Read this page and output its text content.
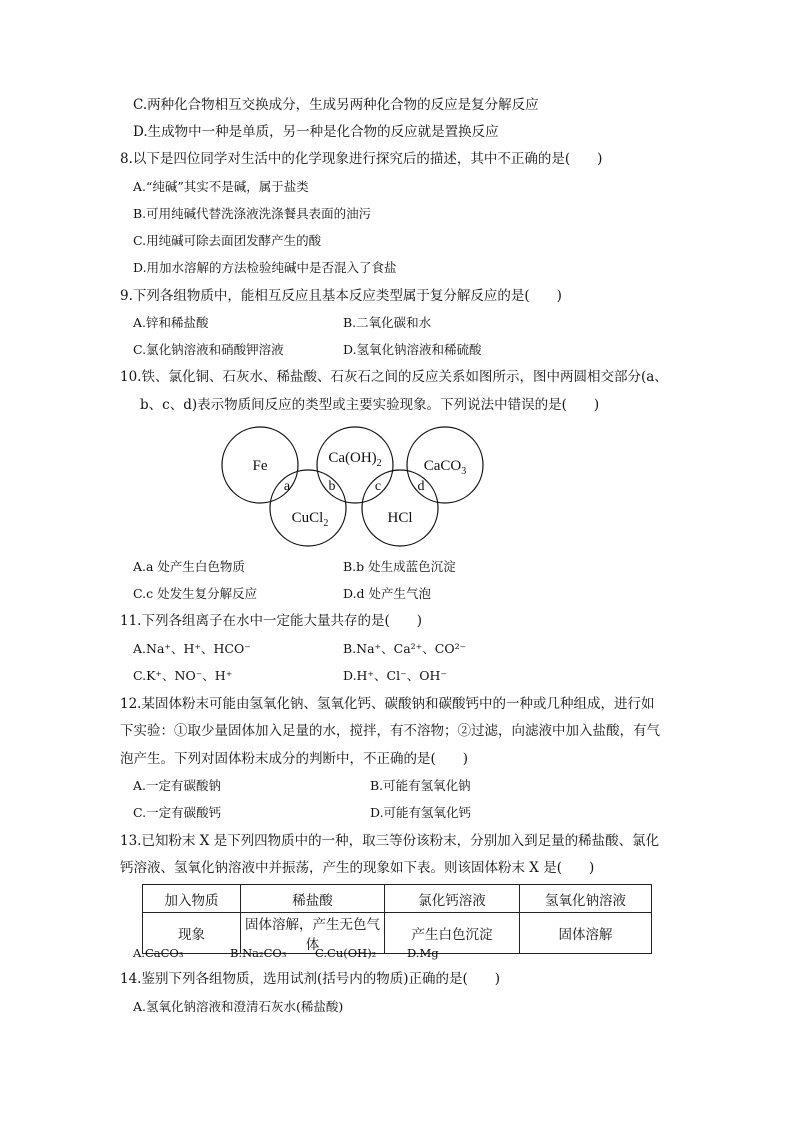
C.两种化合物相互交换成分，生成另两种化合物的反应是复分解反应
D.生成物中一种是单质，另一种是化合物的反应就是置换反应
8.以下是四位同学对生活中的化学现象进行探究后的描述，其中不正确的是(　　)
A.“纯碱”其实不是碱，属于盐类
B.可用纯碱代替洗涤液洗涤餐具表面的油污
C.用纯碱可除去面团发酵产生的酸
D.用加水溶解的方法检验纯碱中是否混入了食盐
9.下列各组物质中，能相互反应且基本反应类型属于复分解反应的是(　　)
A.锌和稀盐酸	B.二氧化碳和水
C.氯化钠溶液和硝酸钾溶液	D.氢氧化钠溶液和稀硫酸
10.铁、氯化铜、石灰水、稀盐酸、石灰石之间的反应关系如图所示，图中两圆相交部分(a、
b、c、d)表示物质间反应的类型或主要实验现象。下列说法中错误的是(　　)
Fe	$Ca(OH)_2$	CaCO$_3$
CuCl$_2$	HCl
a	b	c	d
A.a 处产生白色物质	B.b 处生成蓝色沉淀
C.c 处发生复分解反应	D.d 处产生气泡
11.下列各组离子在水中一定能大量共存的是(　　)
A.Na⁺、H⁺、HCO⁻	B.Na⁺、Ca²⁺、CO²⁻
C.K⁺、NO⁻、H⁺	D.H⁺、Cl⁻、OH⁻
12.某固体粉末可能由氢氧化钠、氢氧化钙、碳酸钠和碳酸钙中的一种或几种组成，进行如
下实验：①取少量固体加入足量的水，搅拌，有不溶物；②过滤，向滤液中加入盐酸，有气
泡产生。下列对固体粉末成分的判断中，不正确的是(　　)
A.一定有碳酸钠	B.可能有氢氧化钠
C.一定有碳酸钙	D.可能有氢氧化钙
13.已知粉末 X 是下列四物质中的一种，取三等份该粉末，分别加入到足量的稀盐酸、氯化
钙溶液、氢氧化钠溶液中并振荡，产生的现象如下表。则该固体粉末 X 是(　　)
加入物质	稀盐酸	氯化钙溶液	氢氧化钠溶液
现象	固体溶解，产生无色气体	产生白色沉淀	固体溶解
A.CaCO₃	B.Na₂CO₃ C.Cu(OH)₂	D.Mg
14.鉴别下列各组物质，选用试剂(括号内的物质)正确的是(　　)
A.氢氧化钠溶液和澄清石灰水(稀盐酸)
